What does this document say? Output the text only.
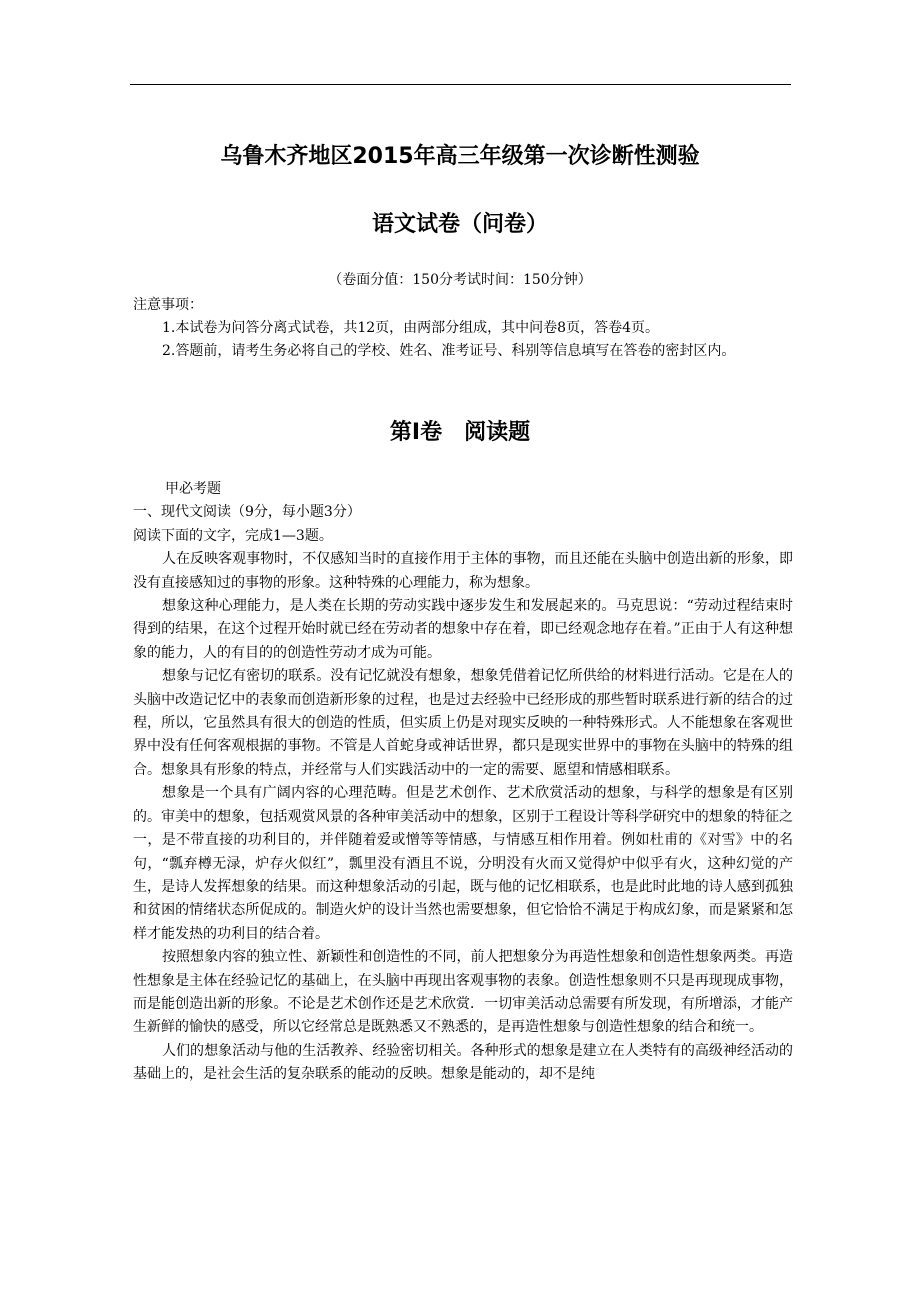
乌鲁木齐地区2015年高三年级第一次诊断性测验
语文试卷（问卷）
（卷面分值：150分考试时间：150分钟）

注意事项：

1.本试卷为问答分离式试卷，共12页，由两部分组成，其中问卷8页，答卷4页。

2.答题前，请考生务必将自己的学校、姓名、准考证号、科别等信息填写在答卷的密封区内。

第I卷　阅读题

甲必考题

一、现代文阅读（9分，每小题3分）

阅读下面的文字，完成1—3题。

人在反映客观事物时，不仅感知当时的直接作用于主体的事物，而且还能在头脑中创造出新的形象，即没有直接感知过的事物的形象。这种特殊的心理能力，称为想象。

想象这种心理能力，是人类在长期的劳动实践中逐步发生和发展起来的。马克思说：“劳动过程结束时得到的结果，在这个过程开始时就已经在劳动者的想象中存在着，即已经观念地存在着。”正由于人有这种想象的能力，人的有目的的创造性劳动才成为可能。

想象与记忆有密切的联系。没有记忆就没有想象，想象凭借着记忆所供给的材料进行活动。它是在人的头脑中改造记忆中的表象而创造新形象的过程，也是过去经验中已经形成的那些暂时联系进行新的结合的过程，所以，它虽然具有很大的创造的性质，但实质上仍是对现实反映的一种特殊形式。人不能想象在客观世界中没有任何客观根据的事物。不管是人首蛇身或神话世界，都只是现实世界中的事物在头脑中的特殊的组合。想象具有形象的特点，并经常与人们实践活动中的一定的需要、愿望和情感相联系。

想象是一个具有广阔内容的心理范畴。但是艺术创作、艺术欣赏活动的想象，与科学的想象是有区别的。审美中的想象，包括观赏风景的各种审美活动中的想象，区别于工程设计等科学研究中的想象的特征之一，是不带直接的功利目的，并伴随着爱或憎等等情感，与情感互相作用着。例如杜甫的《对雪》中的名句，“瓢弃樽无渌，炉存火似红”，瓢里没有酒且不说，分明没有火而又觉得炉中似乎有火，这种幻觉的产生，是诗人发挥想象的结果。而这种想象活动的引起，既与他的记忆相联系，也是此时此地的诗人感到孤独和贫困的情绪状态所促成的。制造火炉的设计当然也需要想象，但它恰恰不满足于构成幻象，而是紧紧和怎样才能发热的功利目的结合着。

按照想象内容的独立性、新颖性和创造性的不同，前人把想象分为再造性想象和创造性想象两类。再造性想象是主体在经验记忆的基础上，在头脑中再现出客观事物的表象。创造性想象则不只是再现现成事物，而是能创造出新的形象。不论是艺术创作还是艺术欣赏．一切审美活动总需要有所发现，有所增添，才能产生新鲜的愉快的感受，所以它经常总是既熟悉又不熟悉的，是再造性想象与创造性想象的结合和统一。

人们的想象活动与他的生活教养、经验密切相关。各种形式的想象是建立在人类特有的高级神经活动的基础上的，是社会生活的复杂联系的能动的反映。想象是能动的，却不是纯
